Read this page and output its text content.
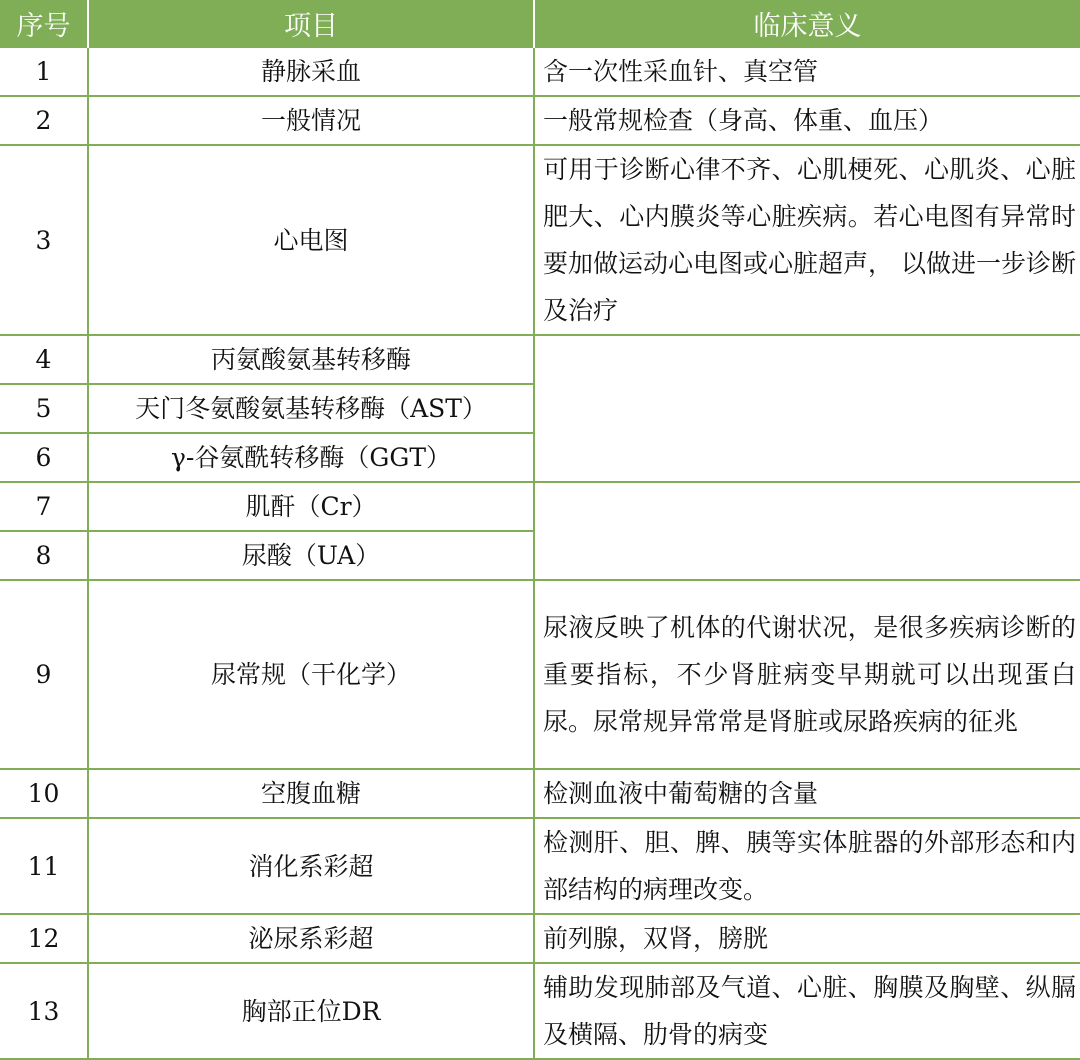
序号	项目	临床意义
1	静脉采血	含一次性采血针、真空管

2	一般情况	一般常规检查（身高、体重、血压）

3	心电图	可用于诊断心律不齐、心肌梗死、心肌炎、心脏肥大、心内膜炎等心脏疾病。若心电图有异常时要加做运动心电图或心脏超声， 以做进一步诊断及治疗

4	丙氨酸氨基转移酶	

5	天门冬氨酸氨基转移酶（AST）	
6	γ-谷氨酰转移酶（GGT）	
7	肌酐（Cr）	

8	尿酸（UA）	
9	尿常规（干化学）	尿液反映了机体的代谢状况，是很多疾病诊断的重要指标，不少肾脏病变早期就可以出现蛋白尿。尿常规异常常是肾脏或尿路疾病的征兆

10	空腹血糖	检测血液中葡萄糖的含量

11	消化系彩超	检测肝、胆、脾、胰等实体脏器的外部形态和内部结构的病理改变。

12	泌尿系彩超	前列腺，双肾，膀胱

13	胸部正位DR	辅助发现肺部及气道、心脏、胸膜及胸壁、纵膈及横隔、肋骨的病变
